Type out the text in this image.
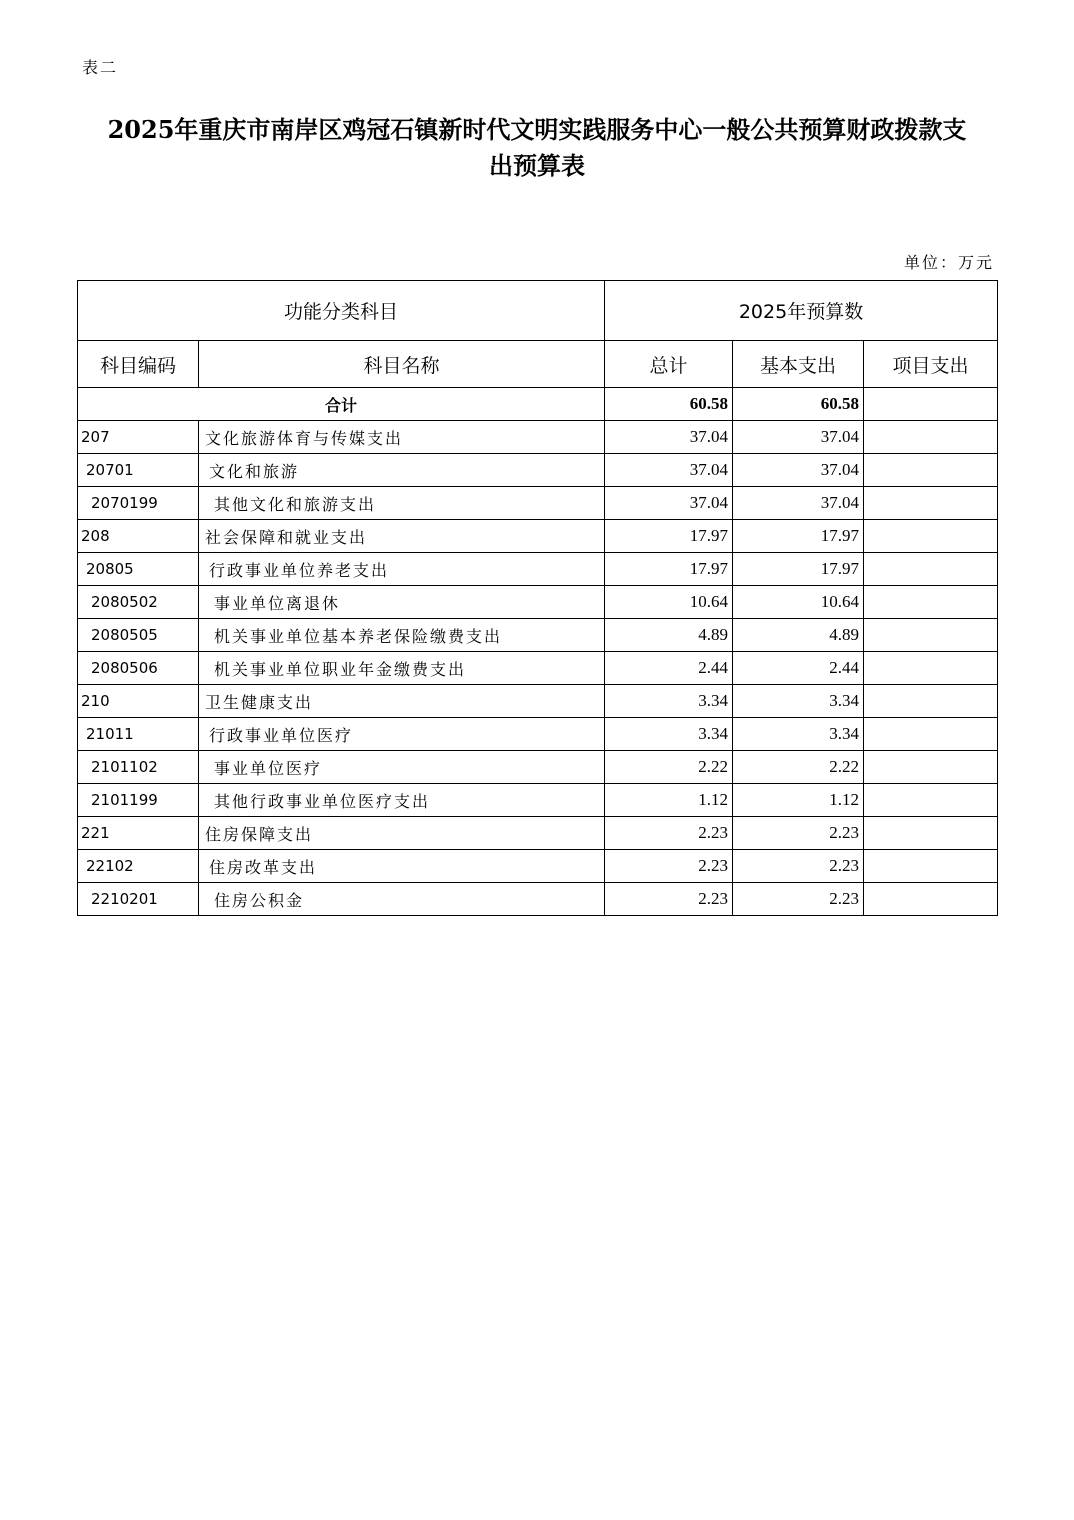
表二
2025年重庆市南岸区鸡冠石镇新时代文明实践服务中心一般公共预算财政拨款支
出预算表
单位：万元
功能分类科目		2025年预算数		
科目编码	科目名称	总计	基本支出	项目支出
合计		60.58	60.58	
207	文化旅游体育与传媒支出	37.04	37.04	
20701	文化和旅游	37.04	37.04	
2070199	其他文化和旅游支出	37.04	37.04	
208	社会保障和就业支出	17.97	17.97	
20805	行政事业单位养老支出	17.97	17.97	
2080502	事业单位离退休	10.64	10.64	
2080505	机关事业单位基本养老保险缴费支出	4.89	4.89	
2080506	机关事业单位职业年金缴费支出	2.44	2.44	
210	卫生健康支出	3.34	3.34	
21011	行政事业单位医疗	3.34	3.34	
2101102	事业单位医疗	2.22	2.22	
2101199	其他行政事业单位医疗支出	1.12	1.12	
221	住房保障支出	2.23	2.23	
22102	住房改革支出	2.23	2.23	
2210201	住房公积金	2.23	2.23	
